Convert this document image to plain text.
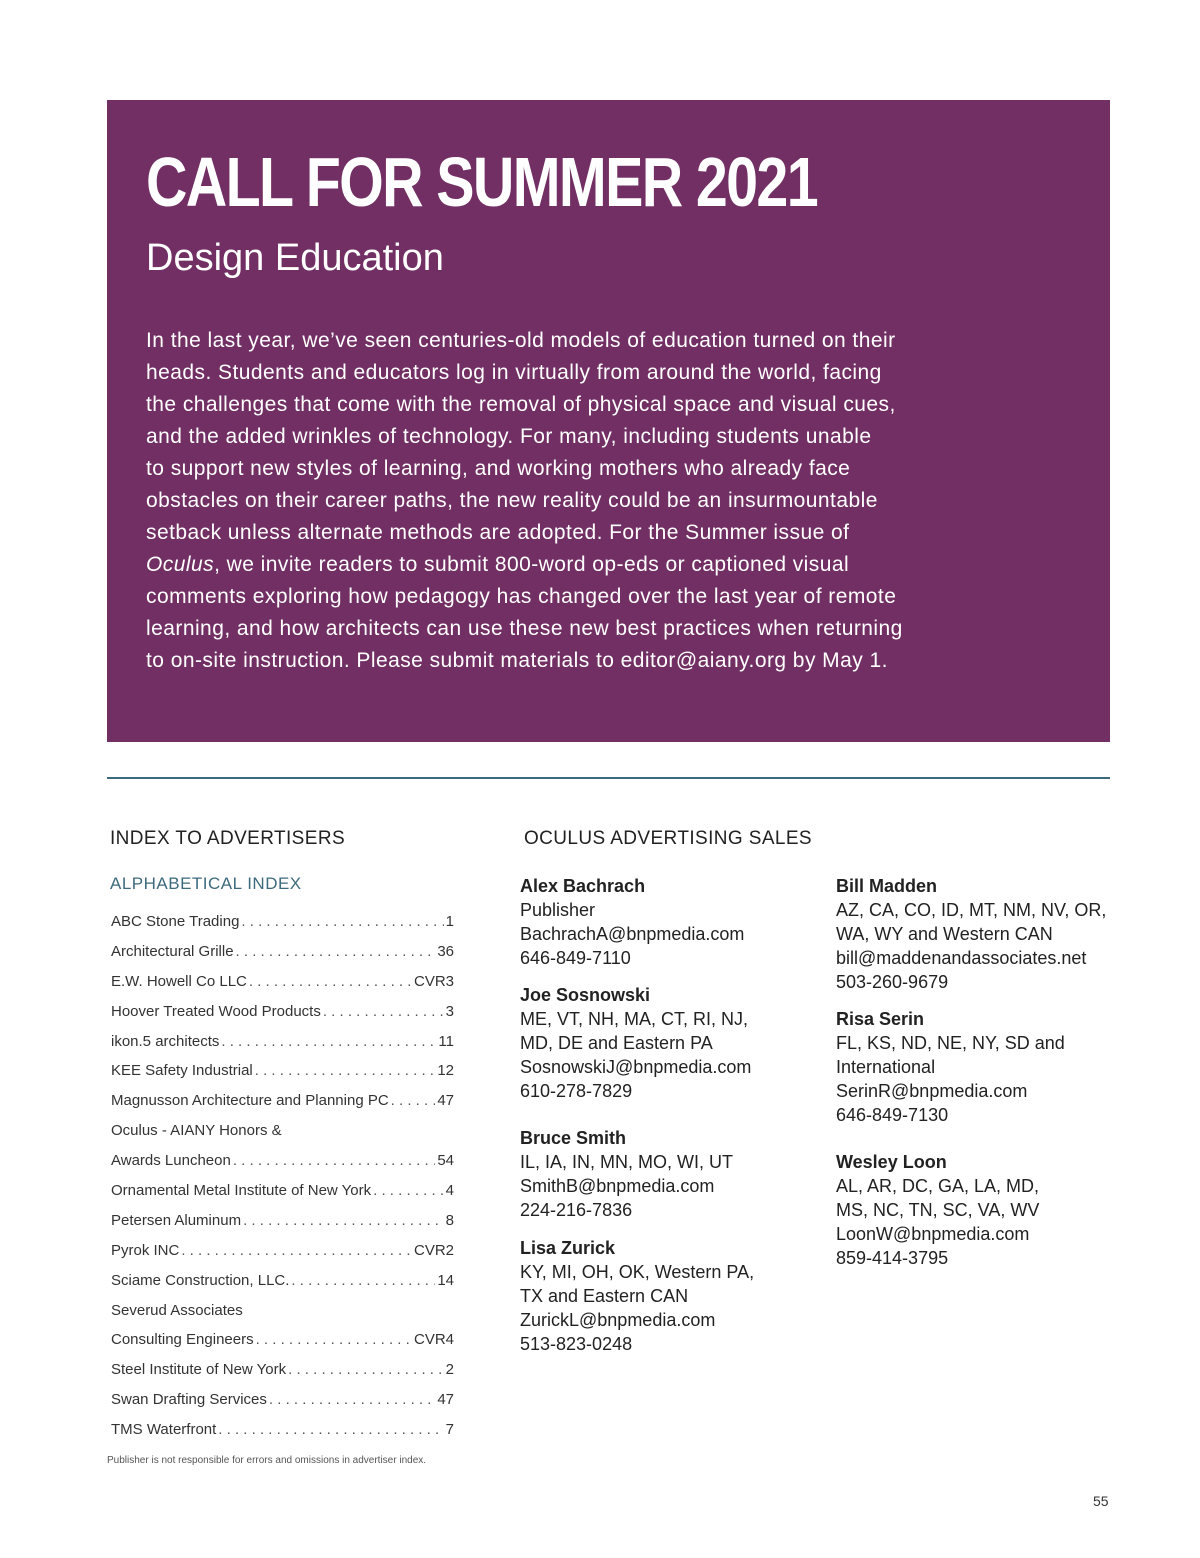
CALL FOR SUMMER 2021
Design Education

In the last year, we’ve seen centuries-old models of education turned on their
heads. Students and educators log in virtually from around the world, facing
the challenges that come with the removal of physical space and visual cues,
and the added wrinkles of technology. For many, including students unable
to support new styles of learning, and working mothers who already face
obstacles on their career paths, the new reality could be an insurmountable
setback unless alternate methods are adopted. For the Summer issue of
Oculus, we invite readers to submit 800-word op-eds or captioned visual
comments exploring how pedagogy has changed over the last year of remote
learning, and how architects can use these new best practices when returning
to on-site instruction. Please submit materials to editor@aiany.org by May 1.

INDEX TO ADVERTISERS
ALPHABETICAL INDEX
ABC Stone Trading . . .	1
Architectural Grille . . .	36
E.W. Howell Co LLC . . .	CVR3
Hoover Treated Wood Products . . .	3
ikon.5 architects . . .	11
KEE Safety Industrial . . .	12
Magnusson Architecture and Planning PC . . .	47
Oculus - AIANY Honors &
Awards Luncheon . . .	54
Ornamental Metal Institute of New York . . .	4
Petersen Aluminum . . .	8
Pyrok INC . . .	CVR2
Sciame Construction, LLC. . . .	14
Severud Associates
Consulting Engineers . . .	CVR4
Steel Institute of New York . . .	2
Swan Drafting Services . . .	47
TMS Waterfront . . .	7

Publisher is not responsible for errors and omissions in advertiser index.

OCULUS ADVERTISING SALES
Alex Bachrach
Publisher
BachrachA@bnpmedia.com
646-849-7110
Joe Sosnowski
ME, VT, NH, MA, CT, RI, NJ,
MD, DE and Eastern PA
SosnowskiJ@bnpmedia.com
610-278-7829
Bruce Smith
IL, IA, IN, MN, MO, WI, UT
SmithB@bnpmedia.com
224-216-7836
Lisa Zurick
KY, MI, OH, OK, Western PA,
TX and Eastern CAN
ZurickL@bnpmedia.com
513-823-0248
Bill Madden
AZ, CA, CO, ID, MT, NM, NV, OR,
WA, WY and Western CAN
bill@maddenandassociates.net
503-260-9679
Risa Serin
FL, KS, ND, NE, NY, SD and
International
SerinR@bnpmedia.com
646-849-7130
Wesley Loon
AL, AR, DC, GA, LA, MD,
MS, NC, TN, SC, VA, WV
LoonW@bnpmedia.com
859-414-3795

55
